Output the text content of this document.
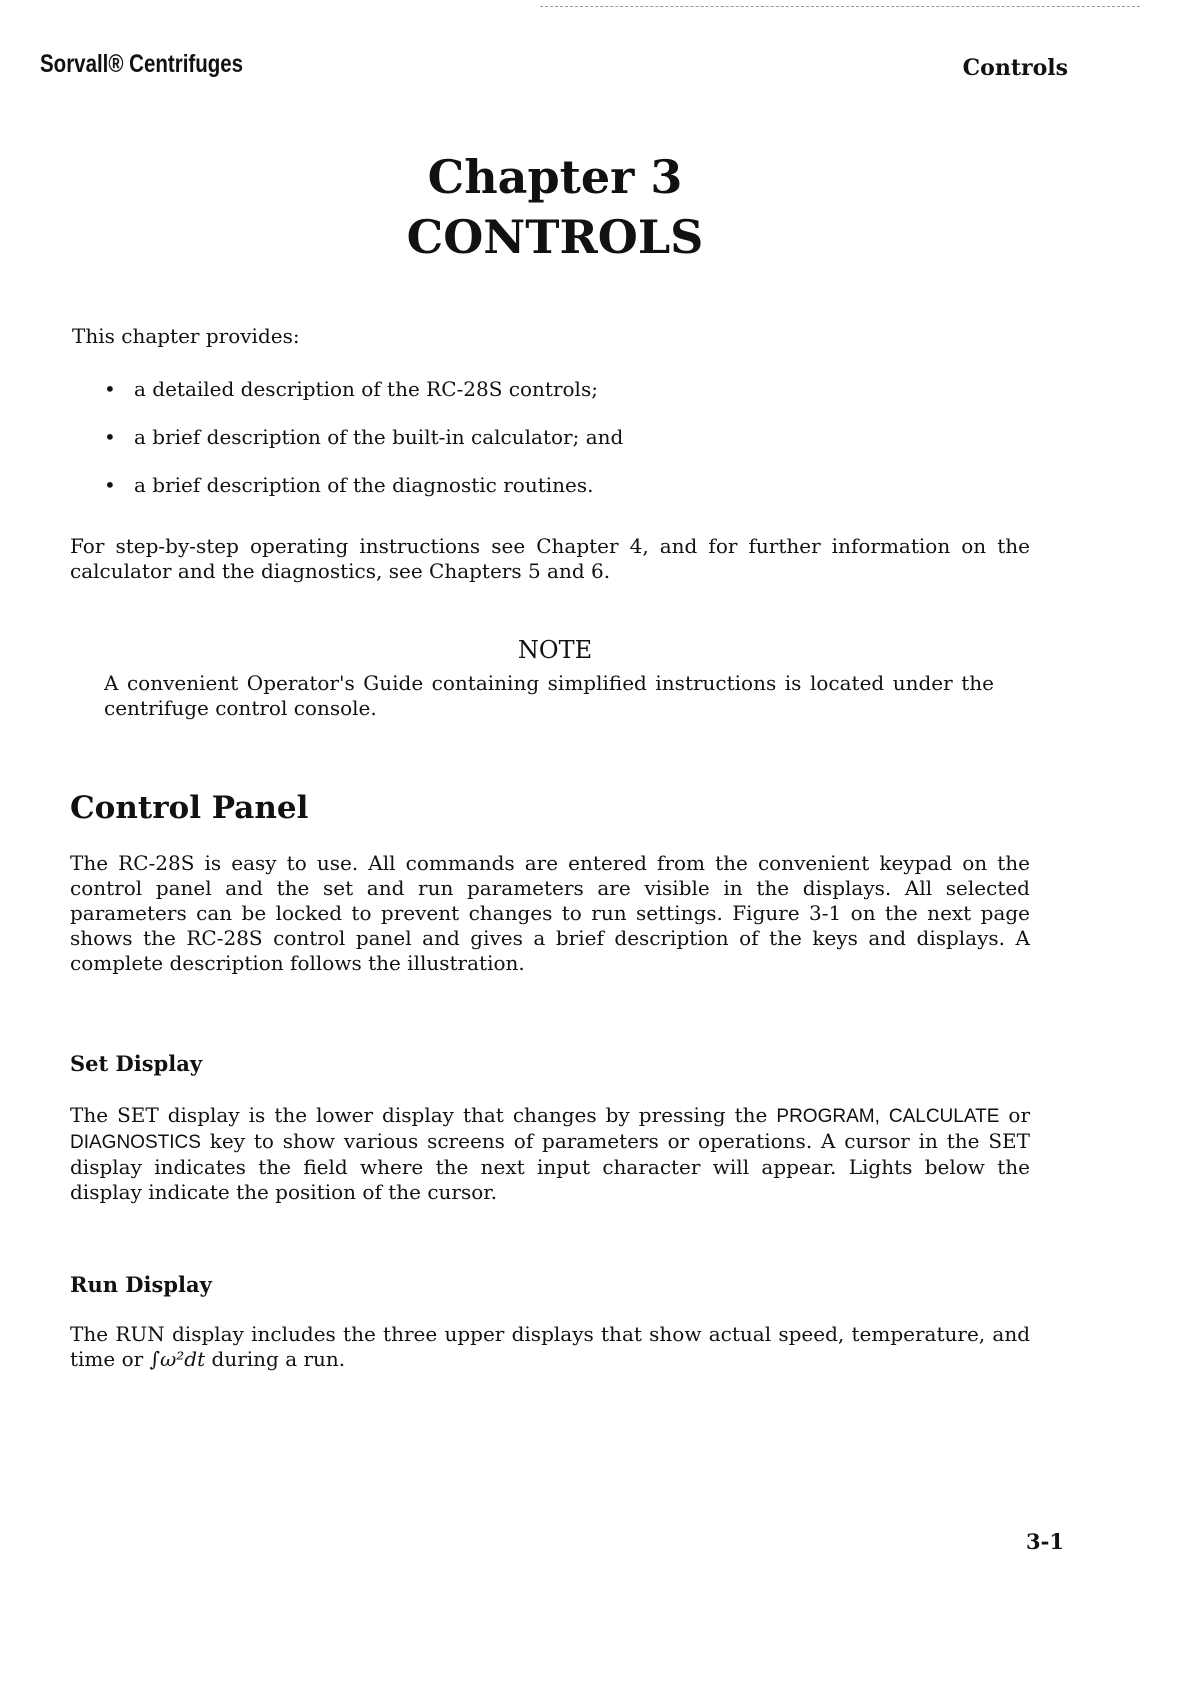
Sorvall® Centrifuges	Controls
Chapter 3
CONTROLS
This chapter provides:
• a detailed description of the RC-28S controls;
• a brief description of the built-in calculator; and
• a brief description of the diagnostic routines.
For step-by-step operating instructions see Chapter 4, and for further information on the calculator and the diagnostics, see Chapters 5 and 6.
NOTE
A convenient Operator's Guide containing simplified instructions is located under the centrifuge control console.
Control Panel
The RC-28S is easy to use. All commands are entered from the convenient keypad on the control panel and the set and run parameters are visible in the displays. All selected parameters can be locked to prevent changes to run settings. Figure 3-1 on the next page shows the RC-28S control panel and gives a brief description of the keys and displays. A complete description follows the illustration.
Set Display
The SET display is the lower display that changes by pressing the PROGRAM, CALCULATE or DIAGNOSTICS key to show various screens of parameters or operations. A cursor in the SET display indicates the field where the next input character will appear. Lights below the display indicate the position of the cursor.
Run Display
The RUN display includes the three upper displays that show actual speed, temperature, and time or ∫ω²dt during a run.
3-1
